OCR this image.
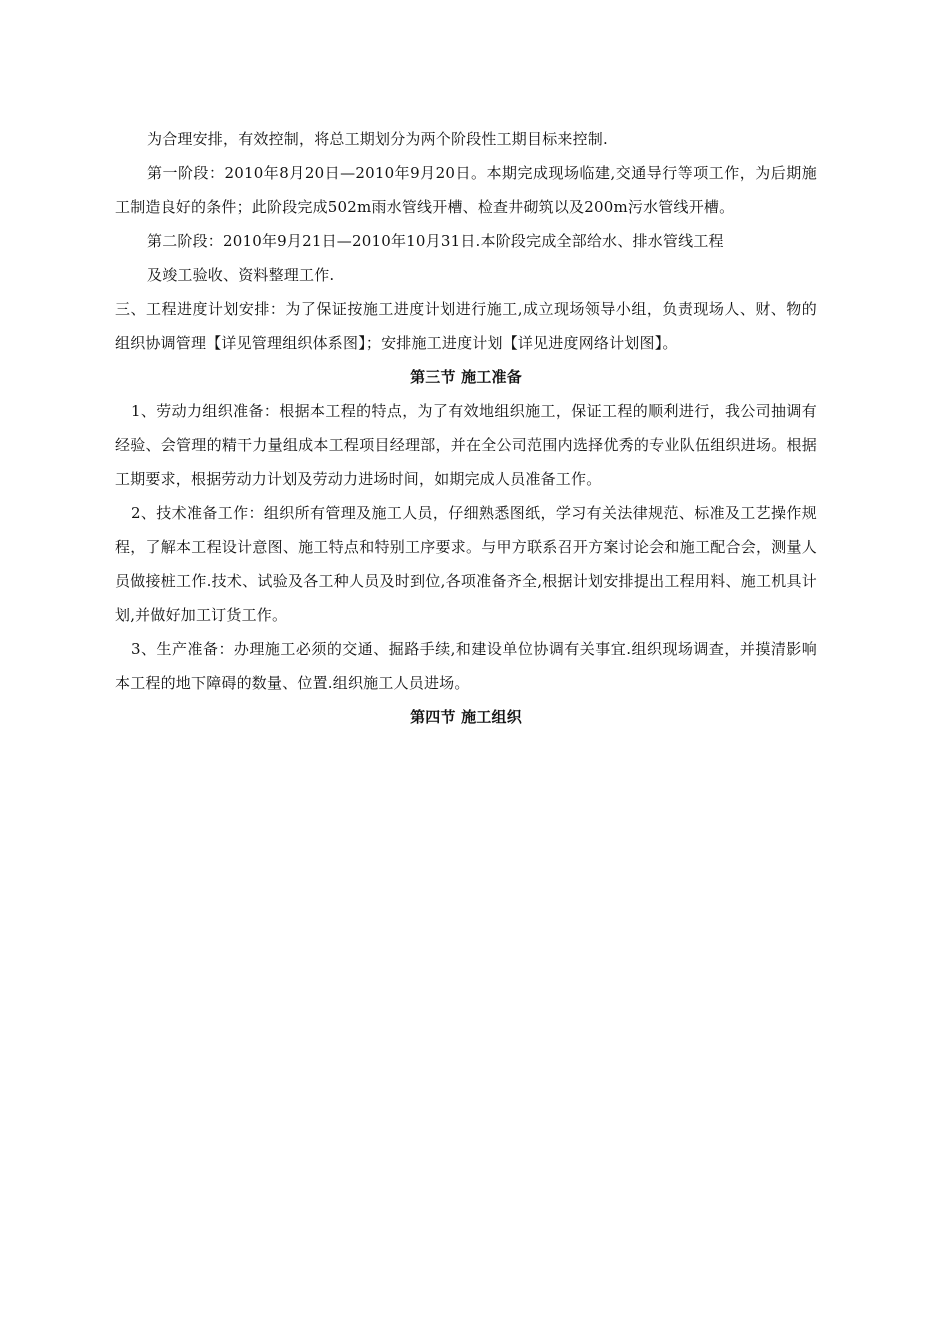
为合理安排，有效控制，将总工期划分为两个阶段性工期目标来控制.

第一阶段：2010年8月20日—2010年9月20日。本期完成现场临建,交通导行等项工作，为后期施工制造良好的条件；此阶段完成502m雨水管线开槽、检查井砌筑以及200m污水管线开槽。

第二阶段：2010年9月21日—2010年10月31日.本阶段完成全部给水、排水管线工程

及竣工验收、资料整理工作.

三、工程进度计划安排：为了保证按施工进度计划进行施工,成立现场领导小组，负责现场人、财、物的组织协调管理【详见管理组织体系图】；安排施工进度计划【详见进度网络计划图】。

第三节 施工准备

1、劳动力组织准备：根据本工程的特点，为了有效地组织施工，保证工程的顺利进行，我公司抽调有经验、会管理的精干力量组成本工程项目经理部，并在全公司范围内选择优秀的专业队伍组织进场。根据工期要求，根据劳动力计划及劳动力进场时间，如期完成人员准备工作。

2、技术准备工作：组织所有管理及施工人员，仔细熟悉图纸，学习有关法律规范、标准及工艺操作规程，了解本工程设计意图、施工特点和特别工序要求。与甲方联系召开方案讨论会和施工配合会，测量人员做接桩工作.技术、试验及各工种人员及时到位,各项准备齐全,根据计划安排提出工程用料、施工机具计划,并做好加工订货工作。

3、生产准备：办理施工必须的交通、掘路手续,和建设单位协调有关事宜.组织现场调查，并摸清影响本工程的地下障碍的数量、位置.组织施工人员进场。

第四节 施工组织
